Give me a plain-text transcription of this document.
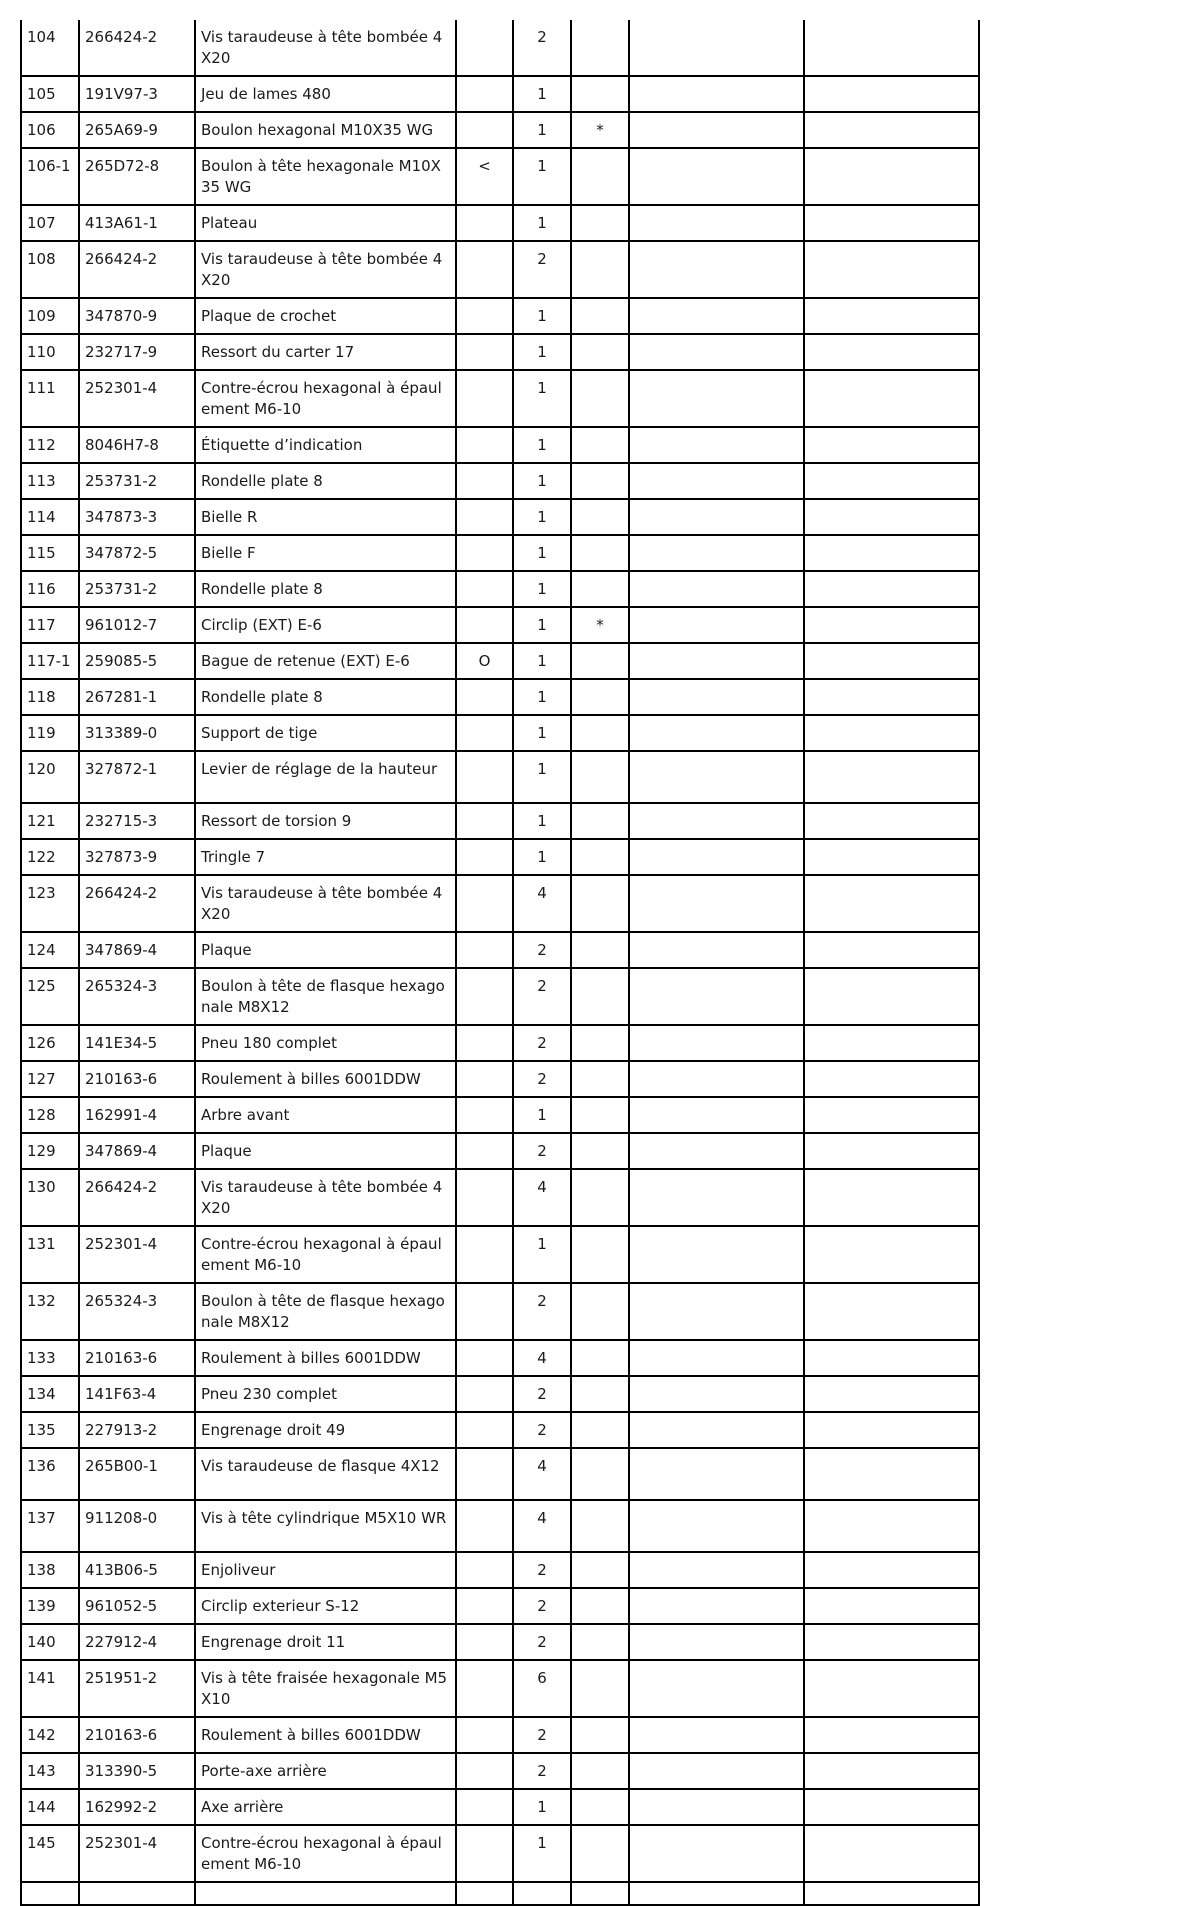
104	266424-2	Vis taraudeuse à tête bombée 4X20		2			
105	191V97-3	Jeu de lames 480		1			
106	265A69-9	Boulon hexagonal M10X35 WG		1	*		
106-1	265D72-8	Boulon à tête hexagonale M10X35 WG	<	1			
107	413A61-1	Plateau		1			
108	266424-2	Vis taraudeuse à tête bombée 4X20		2			
109	347870-9	Plaque de crochet		1			
110	232717-9	Ressort du carter 17		1			
111	252301-4	Contre-écrou hexagonal à épaulement M6-10		1			
112	8046H7-8	Étiquette d’indication		1			
113	253731-2	Rondelle plate 8		1			
114	347873-3	Bielle R		1			
115	347872-5	Bielle F		1			
116	253731-2	Rondelle plate 8		1			
117	961012-7	Circlip (EXT) E-6		1	*		
117-1	259085-5	Bague de retenue (EXT) E-6	O	1			
118	267281-1	Rondelle plate 8		1			
119	313389-0	Support de tige		1			
120	327872-1	Levier de réglage de la hauteur		1			
121	232715-3	Ressort de torsion 9		1			
122	327873-9	Tringle 7		1			
123	266424-2	Vis taraudeuse à tête bombée 4X20		4			
124	347869-4	Plaque		2			
125	265324-3	Boulon à tête de flasque hexagonale M8X12		2			
126	141E34-5	Pneu 180 complet		2			
127	210163-6	Roulement à billes 6001DDW		2			
128	162991-4	Arbre avant		1			
129	347869-4	Plaque		2			
130	266424-2	Vis taraudeuse à tête bombée 4X20		4			
131	252301-4	Contre-écrou hexagonal à épaulement M6-10		1			
132	265324-3	Boulon à tête de flasque hexagonale M8X12		2			
133	210163-6	Roulement à billes 6001DDW		4			
134	141F63-4	Pneu 230 complet		2			
135	227913-2	Engrenage droit 49		2			
136	265B00-1	Vis taraudeuse de flasque 4X12		4			
137	911208-0	Vis à tête cylindrique M5X10 WR		4			
138	413B06-5	Enjoliveur		2			
139	961052-5	Circlip exterieur S-12		2			
140	227912-4	Engrenage droit 11		2			
141	251951-2	Vis à tête fraisée hexagonale M5X10		6			
142	210163-6	Roulement à billes 6001DDW		2			
143	313390-5	Porte-axe arrière		2			
144	162992-2	Axe arrière		1			
145	252301-4	Contre-écrou hexagonal à épaulement M6-10		1			
